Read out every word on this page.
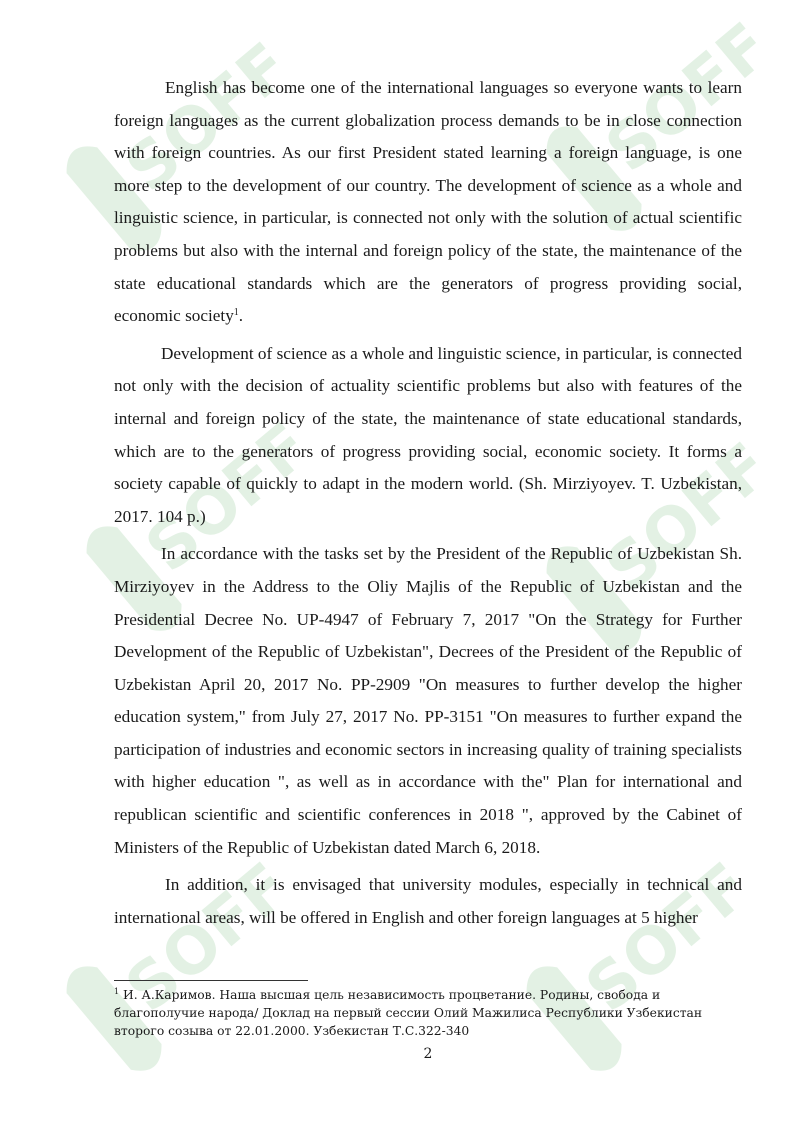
SOFF	SOFF
SOFF	SOFF
SOFF	SOFF

English has become one of the international languages so everyone wants to learn foreign languages as the current globalization process demands to be in close connection with foreign countries. As our first President stated learning a foreign language, is one more step to the development of our country. The development of science as a whole and linguistic science, in particular, is connected not only with the solution of actual scientific problems but also with the internal and foreign policy of the state, the maintenance of the state educational standards which are the generators of progress providing social, economic society$^1$.

Development of science as a whole and linguistic science, in particular, is connected not only with the decision of actuality scientific problems but also with features of the internal and foreign policy of the state, the maintenance of state educational standards, which are to the generators of progress providing social, economic society. It forms a society capable of quickly to adapt in the modern world. (Sh. Mirziyoyev. T. Uzbekistan, 2017. 104 p.)

In accordance with the tasks set by the President of the Republic of Uzbekistan Sh. Mirziyoyev in the Address to the Oliy Majlis of the Republic of Uzbekistan and the Presidential Decree No. UP-4947 of February 7, 2017 "On the Strategy for Further Development of the Republic of Uzbekistan", Decrees of the President of the Republic of Uzbekistan April 20, 2017 No. PP-2909 "On measures to further develop the higher education system," from July 27, 2017 No. PP-3151 "On measures to further expand the participation of industries and economic sectors in increasing quality of training specialists with higher education ", as well as in accordance with the" Plan for international and republican scientific and scientific conferences in 2018 ", approved by the Cabinet of Ministers of the Republic of Uzbekistan dated March 6, 2018.

In addition, it is envisaged that university modules, especially in technical and international areas, will be offered in English and other foreign languages at 5 higher

$^1$ И. А.Каримов. Наша высшая цель независимость процветание. Родины, свобода и благополучие народа/ Доклад на первый сессии Олий Мажилиса Республики Узбекистан второго созыва от 22.01.2000. Узбекистан Т.С.322-340
2
